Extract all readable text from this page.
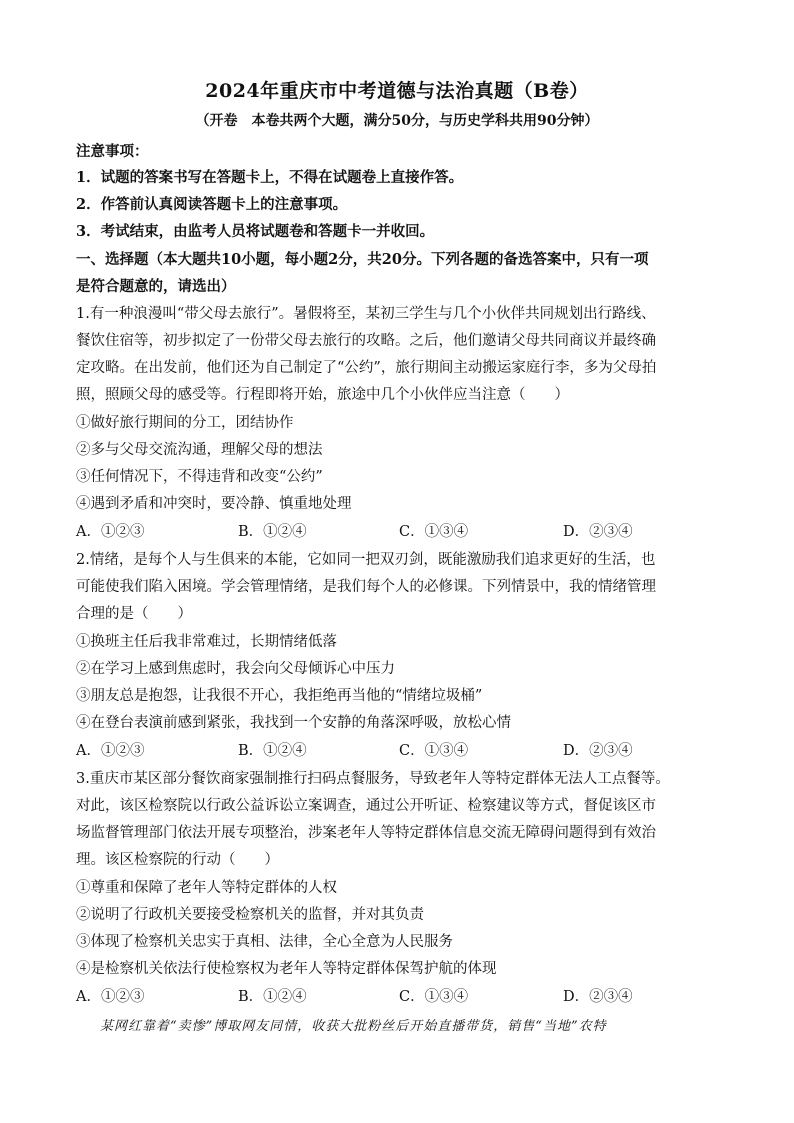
2024年重庆市中考道德与法治真题（B卷）
（开卷　本卷共两个大题，满分50分，与历史学科共用90分钟）
注意事项：
1．试题的答案书写在答题卡上，不得在试题卷上直接作答。
2．作答前认真阅读答题卡上的注意事项。
3．考试结束，由监考人员将试题卷和答题卡一并收回。
一、选择题（本大题共10小题，每小题2分，共20分。下列各题的备选答案中，只有一项
是符合题意的，请选出）
1.有一种浪漫叫“带父母去旅行”。暑假将至，某初三学生与几个小伙伴共同规划出行路线、
餐饮住宿等，初步拟定了一份带父母去旅行的攻略。之后，他们邀请父母共同商议并最终确
定攻略。在出发前，他们还为自己制定了“公约”，旅行期间主动搬运家庭行李，多为父母拍
照，照顾父母的感受等。行程即将开始，旅途中几个小伙伴应当注意（　　）
①做好旅行期间的分工，团结协作
②多与父母交流沟通，理解父母的想法
③任何情况下，不得违背和改变“公约”
④遇到矛盾和冲突时，要冷静、慎重地处理
A．①②③	B．①②④	C．①③④	D．②③④
2.情绪，是每个人与生俱来的本能，它如同一把双刃剑，既能激励我们追求更好的生活，也
可能使我们陷入困境。学会管理情绪，是我们每个人的必修课。下列情景中，我的情绪管理
合理的是（　　）
①换班主任后我非常难过，长期情绪低落
②在学习上感到焦虑时，我会向父母倾诉心中压力
③朋友总是抱怨，让我很不开心，我拒绝再当他的“情绪垃圾桶”
④在登台表演前感到紧张，我找到一个安静的角落深呼吸，放松心情
A．①②③	B．①②④	C．①③④	D．②③④
3.重庆市某区部分餐饮商家强制推行扫码点餐服务，导致老年人等特定群体无法人工点餐等。
对此，该区检察院以行政公益诉讼立案调查，通过公开听证、检察建议等方式，督促该区市
场监督管理部门依法开展专项整治，涉案老年人等特定群体信息交流无障碍问题得到有效治
理。该区检察院的行动（　　）
①尊重和保障了老年人等特定群体的人权
②说明了行政机关要接受检察机关的监督，并对其负责
③体现了检察机关忠实于真相、法律，全心全意为人民服务
④是检察机关依法行使检察权为老年人等特定群体保驾护航的体现
A．①②③	B．①②④	C．①③④	D．②③④
某网红靠着“卖惨”博取网友同情，收获大批粉丝后开始直播带货，销售“当地”农特
